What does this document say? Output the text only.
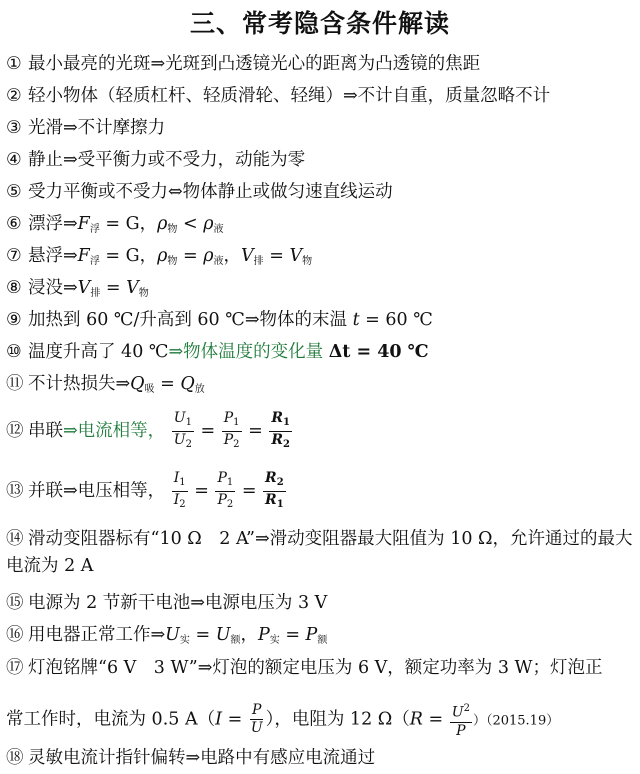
三、常考隐含条件解读
① 最小最亮的光斑⇒光斑到凸透镜光心的距离为凸透镜的焦距
② 轻小物体（轻质杠杆、轻质滑轮、轻绳）⇒不计自重，质量忽略不计
③ 光滑⇒不计摩擦力
④ 静止⇒受平衡力或不受力，动能为零
⑤ 受力平衡或不受力⇔物体静止或做匀速直线运动
⑥ 漂浮$\Rightarrow F_浮 = G$，$\rho_物 < \rho_液$
⑦ 悬浮$\Rightarrow F_浮 = G$，$\rho_物 = \rho_液$，$V_排 = V_物$
⑧ 浸没$\Rightarrow V_排 = V_物$
⑨ 加热到 60 ℃/升高到 60 ℃⇒物体的末温 t = 60 ℃
⑩ 温度升高了 40 ℃⇒物体温度的变化量 Δt = 40 ℃
⑪ 不计热损失$\Rightarrow Q_吸 = Q_放$
⑫ 串联⇒电流相等， $\frac{U_1}{U_2} = \frac{P_1}{P_2} = \frac{R_1}{R_2}$
⑬ 并联⇒电压相等， $\frac{I_1}{I_2} = \frac{P_1}{P_2} = \frac{R_2}{R_1}$
⑭ 滑动变阻器标有“10 Ω　2 A”⇒滑动变阻器最大阻值为 10 Ω，允许通过的最大电流为 2 A
⑮ 电源为 2 节新干电池⇒电源电压为 3 V
⑯ 用电器正常工作$\Rightarrow U_实 = U_额$，$P_实 = P_额$
⑰ 灯泡铭牌“6 V　3 W”⇒灯泡的额定电压为 6 V，额定功率为 3 W；灯泡正
常工作时，电流为 0.5 $A(I = \frac{P}{U}$ ），电阻为 12 $\Omega(R = \frac{U^2}{P} )(2015.19)$
⑱ 灵敏电流计指针偏转⇒电路中有感应电流通过
